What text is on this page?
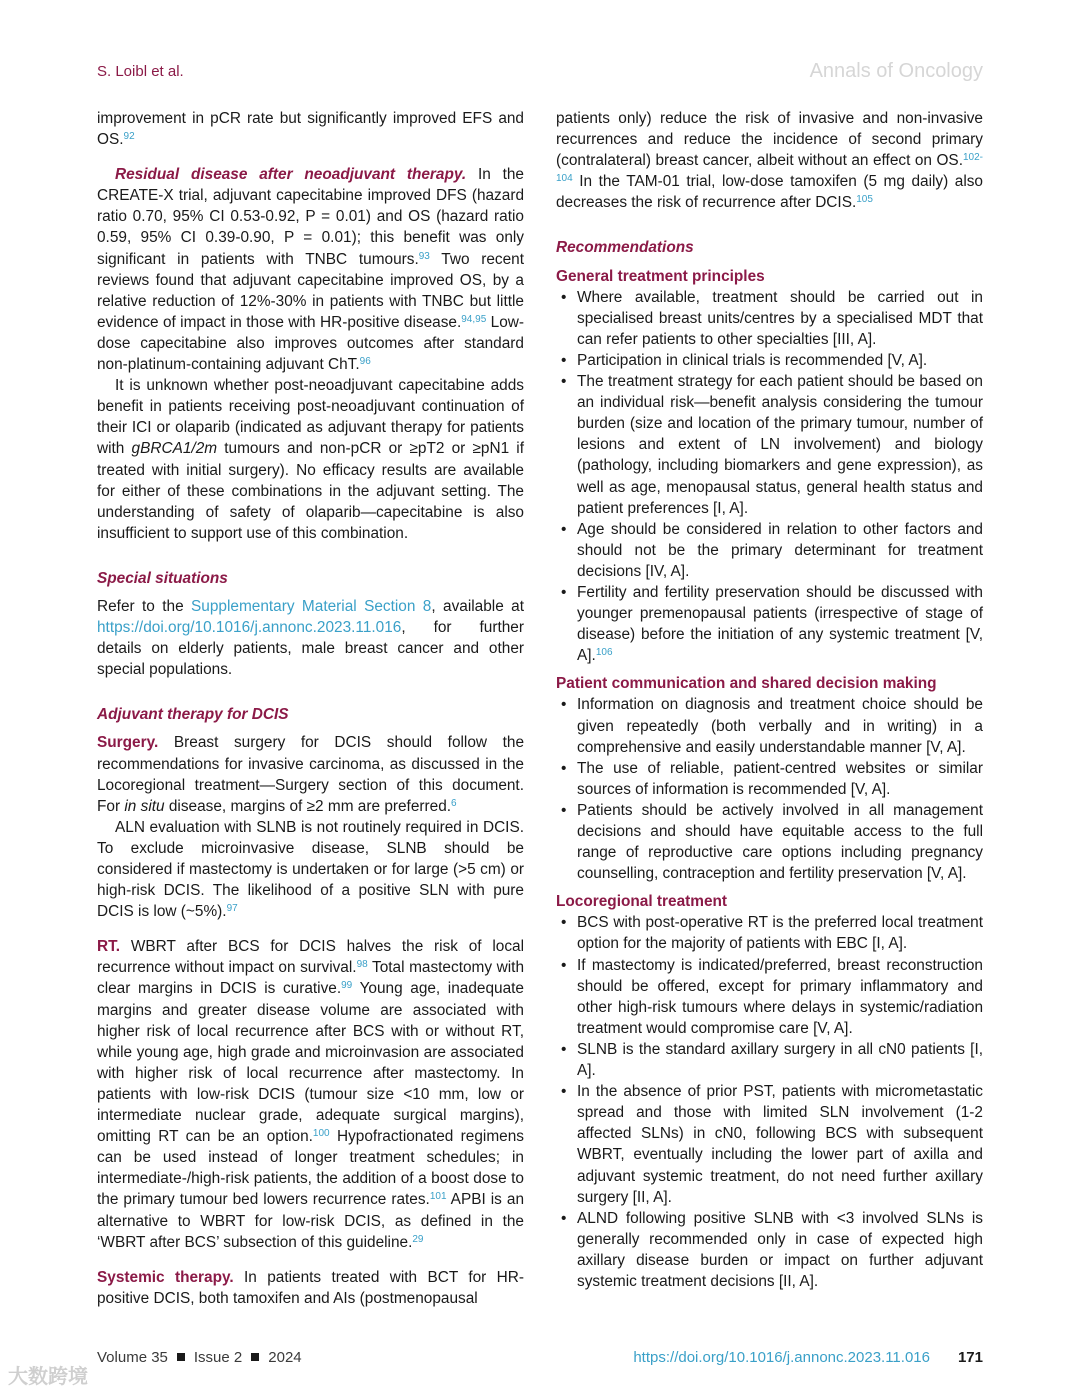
S. Loibl et al.	Annals of Oncology

improvement in pCR rate but significantly improved EFS and OS.$^{92}$

Residual disease after neoadjuvant therapy. In the CREATE-X trial, adjuvant capecitabine improved DFS (hazard ratio 0.70, 95% CI 0.53-0.92, P = 0.01) and OS (hazard ratio 0.59, 95% CI 0.39-0.90, P = 0.01); this benefit was only significant in patients with TNBC tumours.$^{93}$ Two recent reviews found that adjuvant capecitabine improved OS, by a relative reduction of 12%-30% in patients with TNBC but little evidence of impact in those with HR-positive disease.$^{94,95}$ Low-dose capecitabine also improves outcomes after standard non-platinum-containing adjuvant ChT.$^{96}$

It is unknown whether post-neoadjuvant capecitabine adds benefit in patients receiving post-neoadjuvant continuation of their ICI or olaparib (indicated as adjuvant therapy for patients with gBRCA1/2m tumours and non-pCR or ≥pT2 or ≥pN1 if treated with initial surgery). No efficacy results are available for either of these combinations in the adjuvant setting. The understanding of safety of olaparib—capecitabine is also insufficient to support use of this combination.

Special situations

Refer to the Supplementary Material Section 8, available at https://doi.org/10.1016/j.annonc.2023.11.016, for further details on elderly patients, male breast cancer and other special populations.

Adjuvant therapy for DCIS

Surgery. Breast surgery for DCIS should follow the recommendations for invasive carcinoma, as discussed in the Locoregional treatment—Surgery section of this document. For in situ disease, margins of ≥2 mm are preferred.$^6$

ALN evaluation with SLNB is not routinely required in DCIS. To exclude microinvasive disease, SLNB should be considered if mastectomy is undertaken or for large (>5 cm) or high-risk DCIS. The likelihood of a positive SLN with pure DCIS is low (~5%).$^{97}$

RT. WBRT after BCS for DCIS halves the risk of local recurrence without impact on survival.$^{98}$ Total mastectomy with clear margins in DCIS is curative.$^{99}$ Young age, inadequate margins and greater disease volume are associated with higher risk of local recurrence after BCS with or without RT, while young age, high grade and microinvasion are associated with higher risk of local recurrence after mastectomy. In patients with low-risk DCIS (tumour size <10 mm, low or intermediate nuclear grade, adequate surgical margins), omitting RT can be an option.$^{100}$ Hypofractionated regimens can be used instead of longer treatment schedules; in intermediate-/high-risk patients, the addition of a boost dose to the primary tumour bed lowers recurrence rates.$^{101}$ APBI is an alternative to WBRT for low-risk DCIS, as defined in the ‘WBRT after BCS’ subsection of this guideline.$^{29}$

Systemic therapy. In patients treated with BCT for HR-positive DCIS, both tamoxifen and AIs (postmenopausal

patients only) reduce the risk of invasive and non-invasive recurrences and reduce the incidence of second primary (contralateral) breast cancer, albeit without an effect on OS.$^{102-104}$ In the TAM-01 trial, low-dose tamoxifen (5 mg daily) also decreases the risk of recurrence after DCIS.$^{105}$

Recommendations
General treatment principles
• Where available, treatment should be carried out in specialised breast units/centres by a specialised MDT that can refer patients to other specialties [III, A].
• Participation in clinical trials is recommended [V, A].
• The treatment strategy for each patient should be based on an individual risk—benefit analysis considering the tumour burden (size and location of the primary tumour, number of lesions and extent of LN involvement) and biology (pathology, including biomarkers and gene expression), as well as age, menopausal status, general health status and patient preferences [I, A].
• Age should be considered in relation to other factors and should not be the primary determinant for treatment decisions [IV, A].
• Fertility and fertility preservation should be discussed with younger premenopausal patients (irrespective of stage of disease) before the initiation of any systemic treatment [V, A].$^{106}$
Patient communication and shared decision making
• Information on diagnosis and treatment choice should be given repeatedly (both verbally and in writing) in a comprehensive and easily understandable manner [V, A].
• The use of reliable, patient-centred websites or similar sources of information is recommended [V, A].
• Patients should be actively involved in all management decisions and should have equitable access to the full range of reproductive care options including pregnancy counselling, contraception and fertility preservation [V, A].
Locoregional treatment
• BCS with post-operative RT is the preferred local treatment option for the majority of patients with EBC [I, A].
• If mastectomy is indicated/preferred, breast reconstruction should be offered, except for primary inflammatory and other high-risk tumours where delays in systemic/radiation treatment would compromise care [V, A].
• SLNB is the standard axillary surgery in all cN0 patients [I, A].
• In the absence of prior PST, patients with micrometastatic spread and those with limited SLN involvement (1-2 affected SLNs) in cN0, following BCS with subsequent WBRT, eventually including the lower part of axilla and adjuvant systemic treatment, do not need further axillary surgery [II, A].
• ALND following positive SLNB with <3 involved SLNs is generally recommended only in case of expected high axillary disease burden or impact on further adjuvant systemic treatment decisions [II, A].
Volume 35 Issue 2 2024	https://doi.org/10.1016/j.annonc.2023.11.016 171
大数跨境
